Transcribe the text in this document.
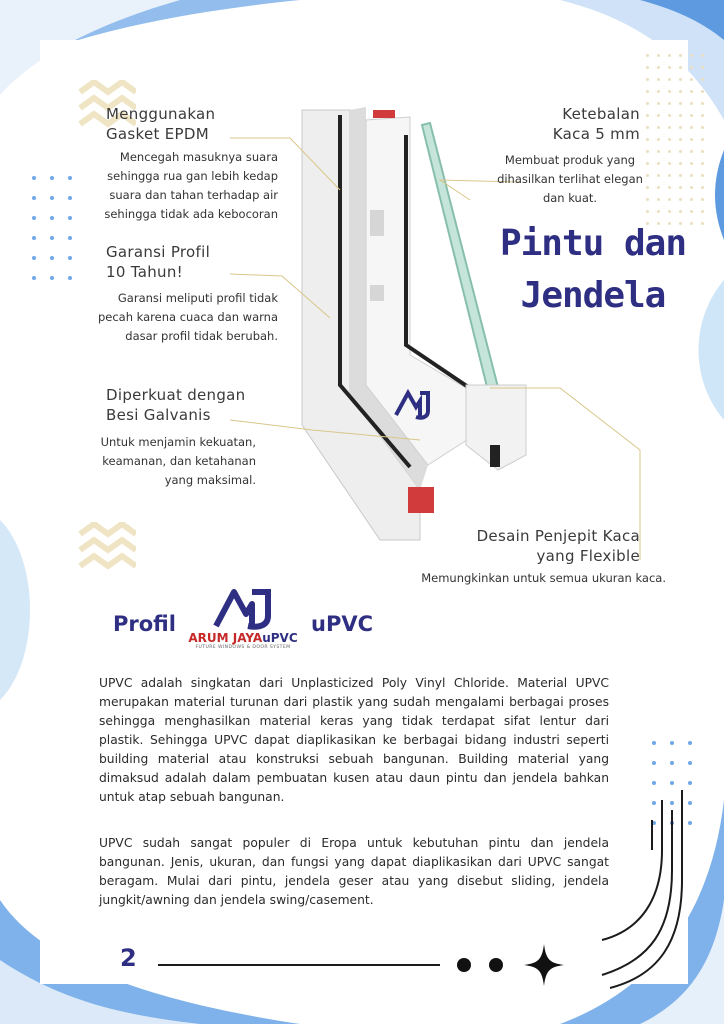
Menggunakan
Gasket EPDM
Mencegah masuknya suara
sehingga rua gan lebih kedap
suara dan tahan terhadap air
sehingga tidak ada kebocoran
Ketebalan
Kaca 5 mm
Membuat produk yang
dihasilkan terlihat elegan
dan kuat.
Pintu dan
Jendela
Garansi Profil
10 Tahun!
Garansi meliputi profil tidak
pecah karena cuaca dan warna
dasar profil tidak berubah.
Diperkuat dengan
Besi Galvanis
Untuk menjamin kekuatan,
keamanan, dan ketahanan
yang maksimal.
Desain Penjepit Kaca
yang Flexible
Memungkinkan untuk semua ukuran kaca.
Profil
ARUM JAYAuPVC
FUTURE WINDOWS & DOOR SYSTEM
uPVC
UPVC adalah singkatan dari Unplasticized Poly Vinyl Chloride. Material UPVC merupakan material turunan dari plastik yang sudah mengalami berbagai proses sehingga menghasilkan material keras yang tidak terdapat sifat lentur dari plastik. Sehingga UPVC dapat diaplikasikan ke berbagai bidang industri seperti building material atau konstruksi sebuah bangunan. Building material yang dimaksud adalah dalam pembuatan kusen atau daun pintu dan jendela bahkan untuk atap sebuah bangunan.
UPVC sudah sangat populer di Eropa untuk kebutuhan pintu dan jendela bangunan. Jenis, ukuran, dan fungsi yang dapat diaplikasikan dari UPVC sangat beragam. Mulai dari pintu, jendela geser atau yang disebut sliding, jendela jungkit/awning dan jendela swing/casement.
2
